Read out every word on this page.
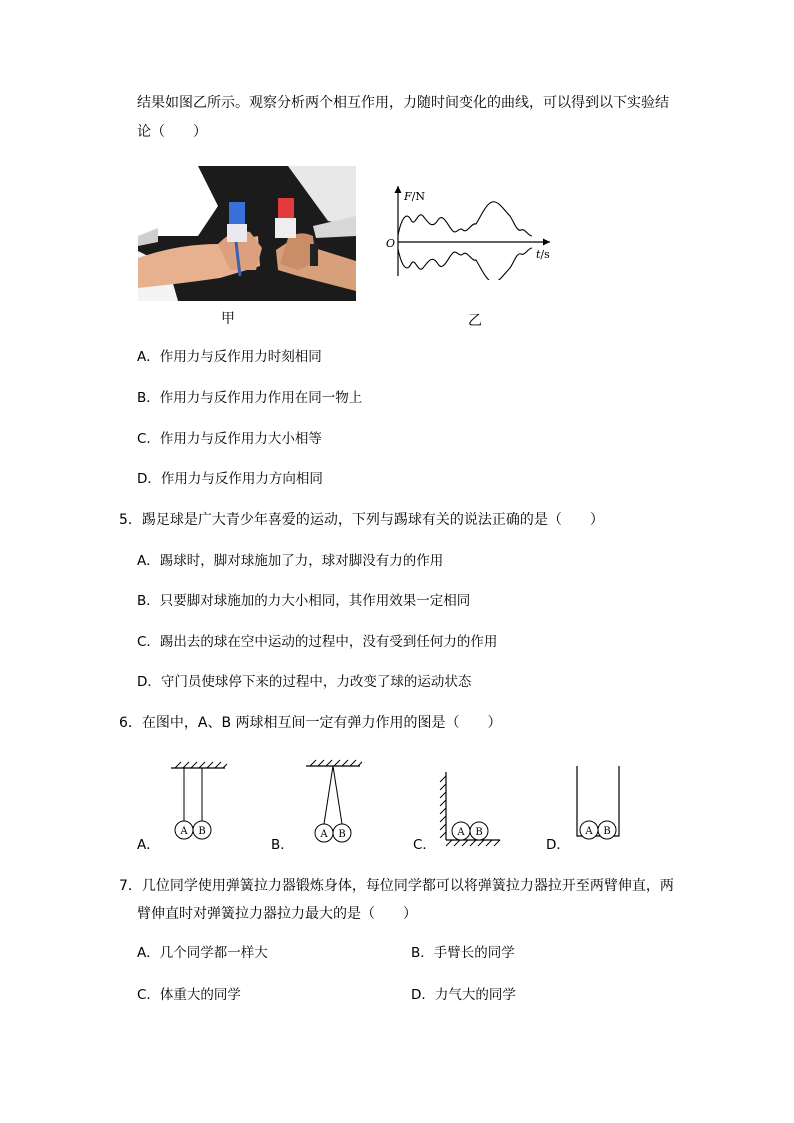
结果如图乙所示。观察分析两个相互作用，力随时间变化的曲线，可以得到以下实验结
论（　　）
甲
F/N
O
t/s
乙
A．作用力与反作用力时刻相同
B．作用力与反作用力作用在同一物上
C．作用力与反作用力大小相等
D．作用力与反作用力方向相同
5．踢足球是广大青少年喜爱的运动，下列与踢球有关的说法正确的是（　　）
A．踢球时，脚对球施加了力，球对脚没有力的作用
B．只要脚对球施加的力大小相同，其作用效果一定相同
C．踢出去的球在空中运动的过程中，没有受到任何力的作用
D．守门员使球停下来的过程中，力改变了球的运动状态
6．在图中，A、B 两球相互间一定有弹力作用的图是（　　）
A B
A．
A B
B．
A B
C．
A B
D．
7．几位同学使用弹簧拉力器锻炼身体，每位同学都可以将弹簧拉力器拉开至两臂伸直，两
臂伸直时对弹簧拉力器拉力最大的是（　　）
A．几个同学都一样大	B．手臂长的同学
C．体重大的同学	D．力气大的同学
